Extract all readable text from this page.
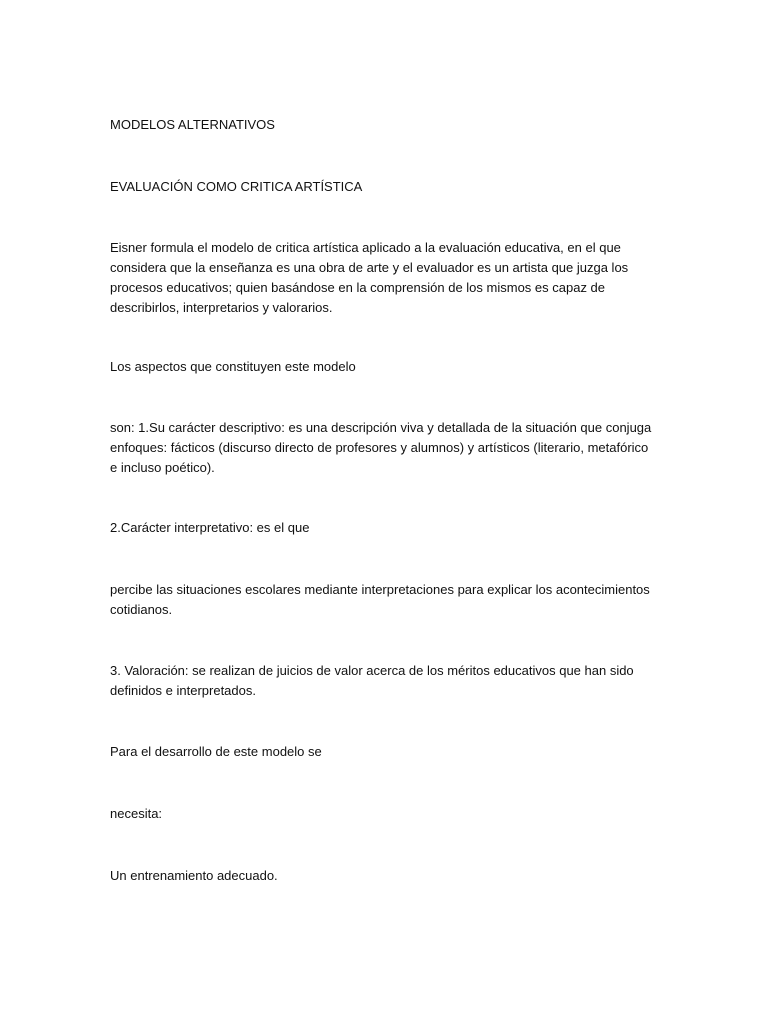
MODELOS ALTERNATIVOS

EVALUACIÓN COMO CRITICA ARTÍSTICA

Eisner formula el modelo de critica artística aplicado a la evaluación educativa, en el que considera que la enseñanza es una obra de arte y el evaluador es un artista que juzga los procesos educativos; quien basándose en la comprensión de los mismos es capaz de describirlos, interpretarios y valorarios.

Los aspectos que constituyen este modelo

son: 1.Su carácter descriptivo: es una descripción viva y detallada de la situación que conjuga enfoques: fácticos (discurso directo de profesores y alumnos) y artísticos (literario, metafórico e incluso poético).

2.Carácter interpretativo: es el que

percibe las situaciones escolares mediante interpretaciones para explicar los acontecimientos cotidianos.

3. Valoración: se realizan de juicios de valor acerca de los méritos educativos que han sido definidos e interpretados.

Para el desarrollo de este modelo se

necesita:

Un entrenamiento adecuado.
